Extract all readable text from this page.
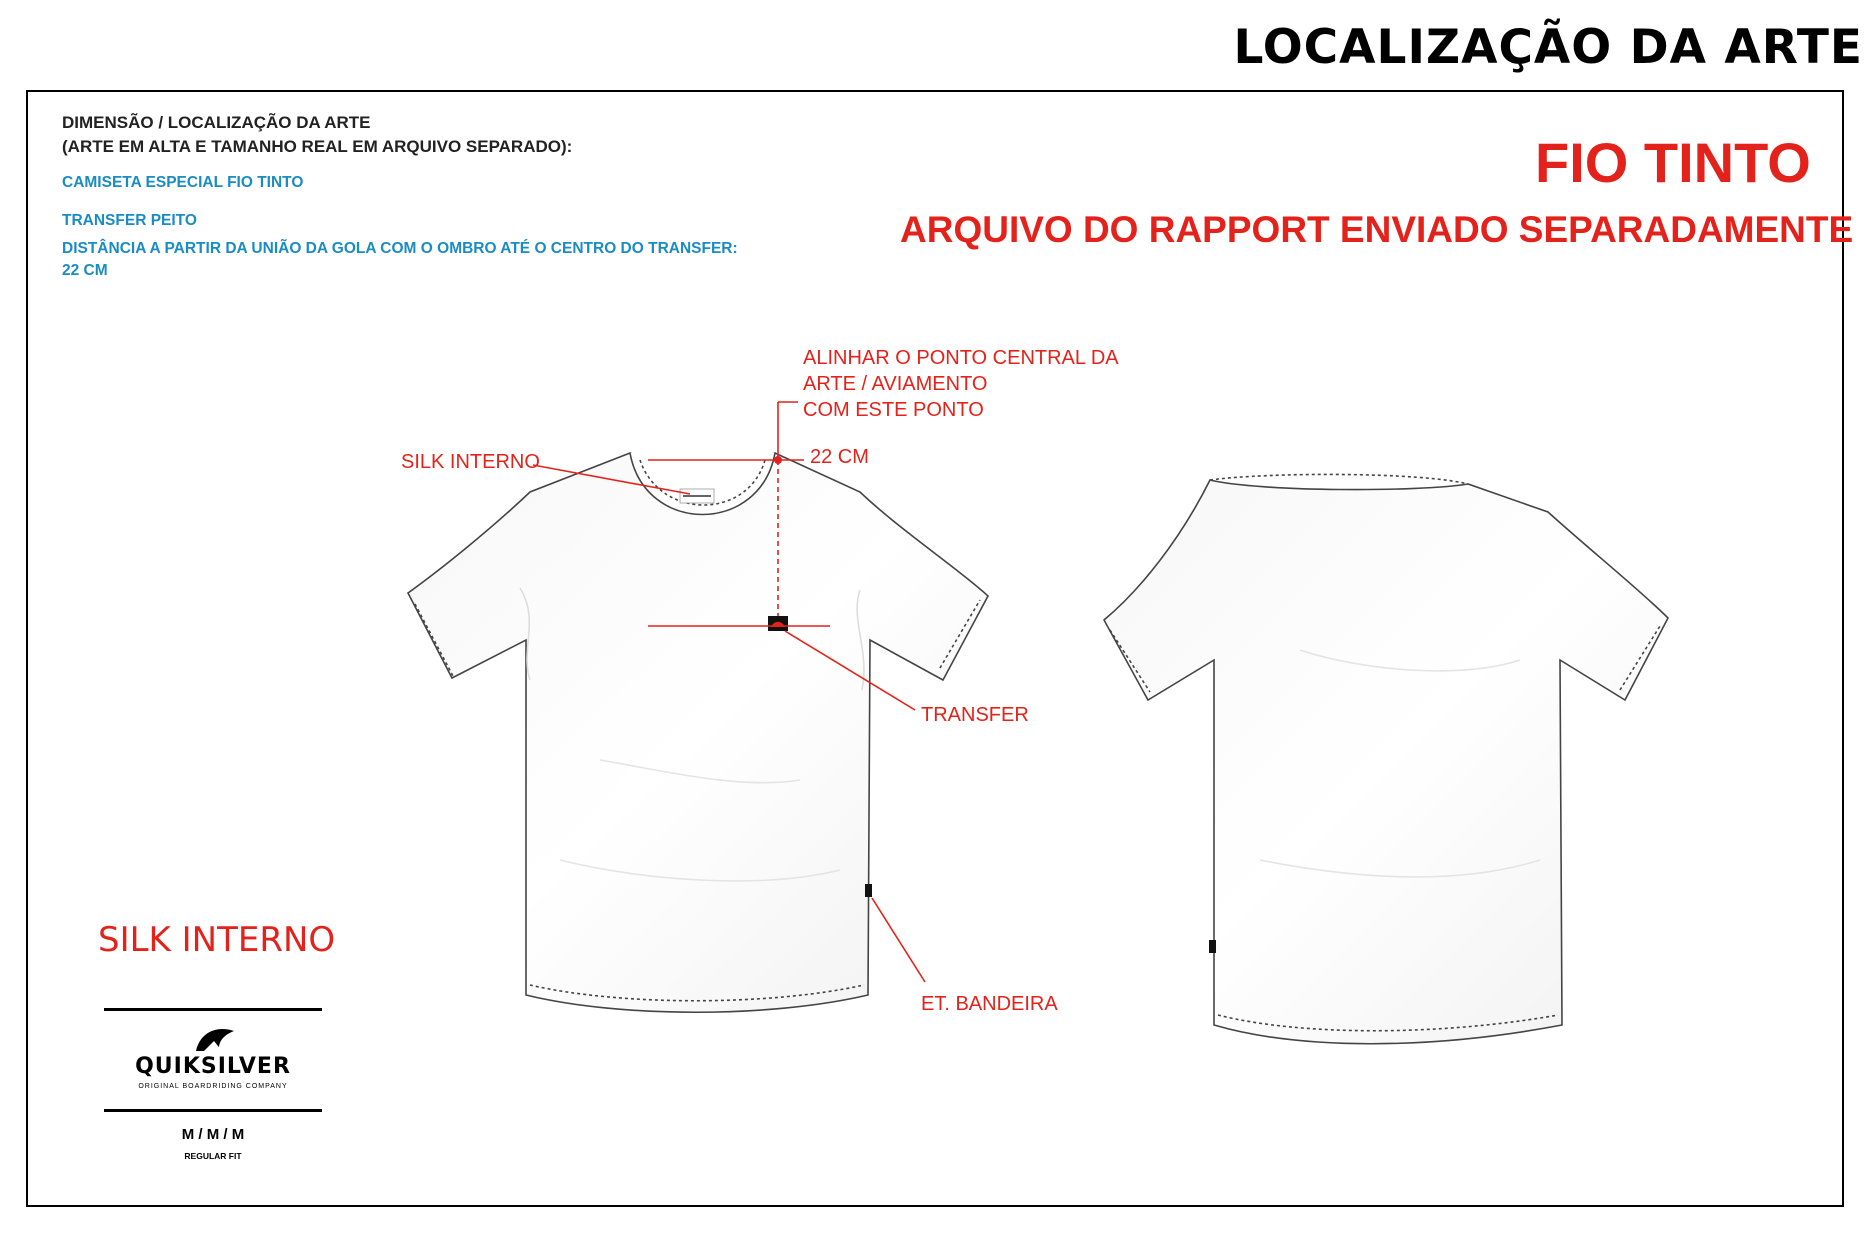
LOCALIZAÇÃO DA ARTE
DIMENSÃO / LOCALIZAÇÃO DA ARTE
(ARTE EM ALTA E TAMANHO REAL EM ARQUIVO SEPARADO):
CAMISETA ESPECIAL FIO TINTO
TRANSFER PEITO
DISTÂNCIA A PARTIR DA UNIÃO DA GOLA COM O OMBRO ATÉ O CENTRO DO TRANSFER:
22 CM
FIO TINTO
ARQUIVO DO RAPPORT ENVIADO SEPARADAMENTE
ALINHAR O PONTO CENTRAL DA
ARTE / AVIAMENTO
COM ESTE PONTO
22 CM
SILK INTERNO
TRANSFER
ET. BANDEIRA
SILK INTERNO
QUIKSILVER
ORIGINAL BOARDRIDING COMPANY
M / M / M
REGULAR FIT
